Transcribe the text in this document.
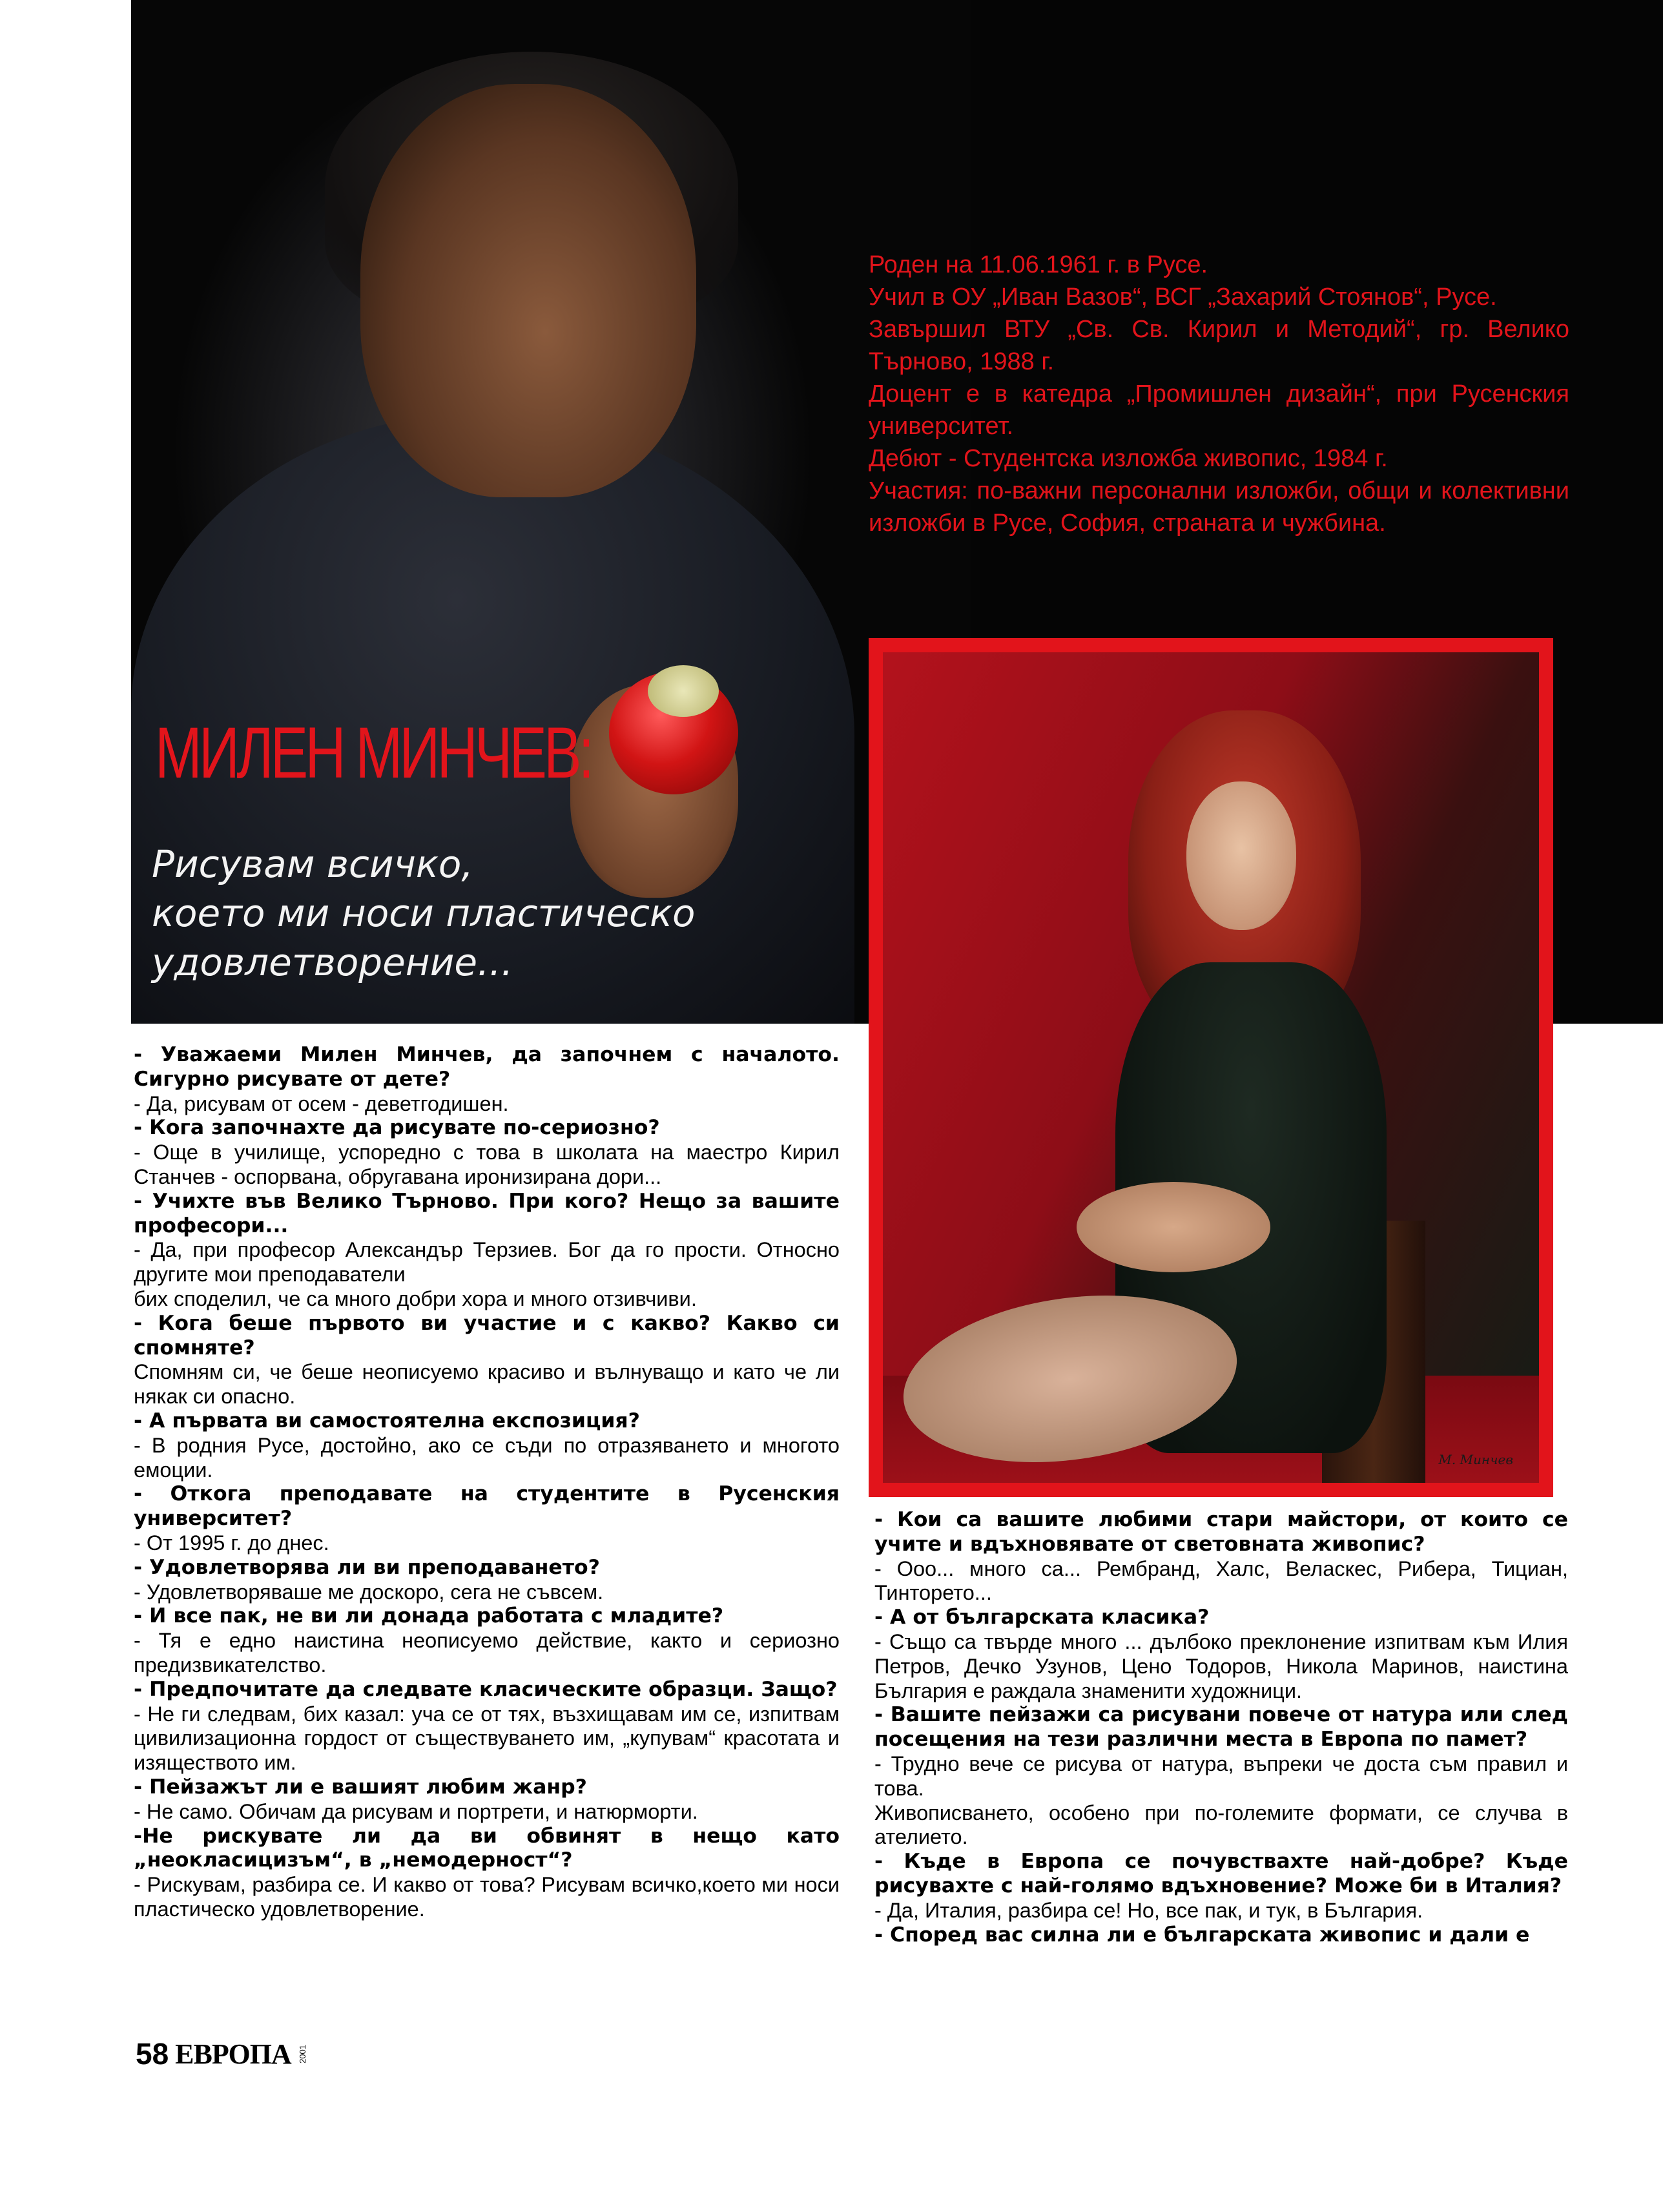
МИЛЕН МИНЧЕВ:
Рисувам всичко,
което ми носи пластическо
удовлетворение...

Роден на 11.06.1961 г. в Русе.

Учил в ОУ „Иван Вазов“, ВСГ „Захарий Стоянов“, Русе.

Завършил ВТУ „Св. Св. Кирил и Методий“, гр. Велико Търново, 1988 г.

Доцент е в катедра „Промишлен дизайн“, при Русенския университет.

Дебют - Студентска изложба живопис, 1984 г.

Участия: по-важни персонални изложби, общи и колективни изложби в Русе, София, страната и чужбина.

M. Минчев

- Уважаеми Милен Минчев, да започнем с началото. Сигурно рисувате от дете?

- Да, рисувам от осем - деветгодишен.

- Кога започнахте да рисувате по-сериозно?

- Още в училище, успоредно с това в школата на маестро Кирил Станчев - оспорвана, обругавана иронизирана дори...

- Учихте във Велико Търново. При кого? Нещо за вашите професори...

- Да, при професор Александър Терзиев. Бог да го прости. Относно другите мои преподаватели

бих споделил, че са много добри хора и много отзивчиви.

- Кога беше първото ви участие и с какво? Какво си спомняте?

Спомням си, че беше неописуемо красиво и вълнуващо и като че ли някак си опасно.

- А първата ви самостоятелна експозиция?

- В родния Русе, достойно, ако се съди по отразяването и многото емоции.

- Откога преподавате на студентите в Русенския университет?

- От 1995 г. до днес.

- Удовлетворява ли ви преподаването?

- Удовлетворяваше ме доскоро, сега не съвсем.

- И все пак, не ви ли донада работата с младите?

- Тя е едно наистина неописуемо действие, както и сериозно предизвикателство.

- Предпочитате да следвате класическите образци. Защо?

- Не ги следвам, бих казал: уча се от тях, възхищавам им се, изпитвам цивилизационна гордост от съществуването им, „купувам“ красотата и изяществото им.

- Пейзажът ли е вашият любим жанр?

- Не само. Обичам да рисувам и портрети, и натюрморти.

-Не рискувате ли да ви обвинят в нещо като „неокласицизъм“, в „немодерност“?

- Рискувам, разбира се. И какво от това? Рисувам всичко,което ми носи пластическо удовлетворение.

- Кои са вашите любими стари майстори, от които се учите и вдъхновявате от световната живопис?

- Ооо... много са... Рембранд, Халс, Веласкес, Рибера, Тициан, Тинторето...

- А от българската класика?

- Също са твърде много ... дълбоко преклонение изпитвам към Илия Петров, Дечко Узунов, Цено Тодоров, Никола Маринов, наистина България е раждала знаменити художници.

- Вашите пейзажи са рисувани повече от натура или след посещения на тези различни места в Европа по памет?

- Трудно вече се рисува от натура, въпреки че доста съм правил и това.

Живописването, особено при по-големите формати, се случва в ателието.

- Къде в Европа се почувствахте най-добре? Къде рисувахте с най-голямо вдъхновение? Може би в Италия?

- Да, Италия, разбира се! Но, все пак, и тук, в България.

- Според вас силна ли е българската живопис и дали е

58 ЕВРОПА 2001
